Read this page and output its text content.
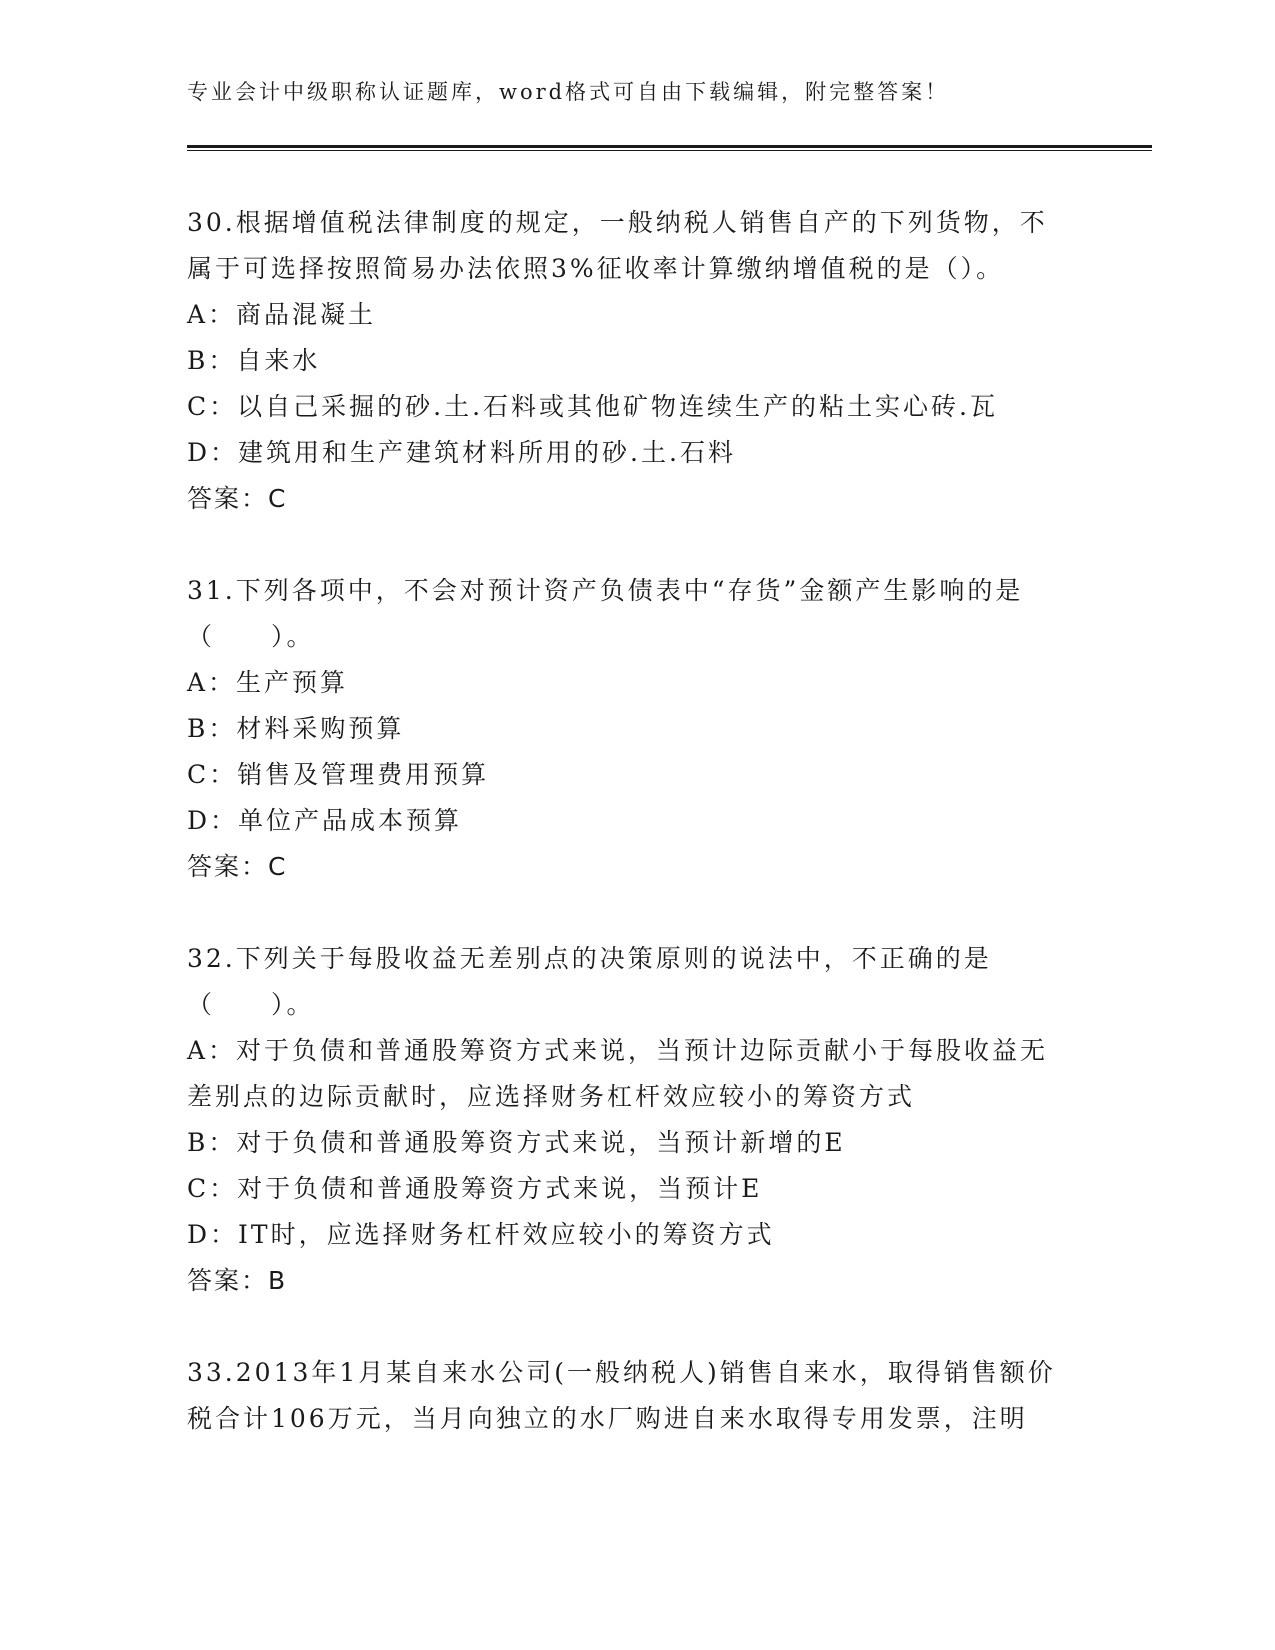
专业会计中级职称认证题库，word格式可自由下载编辑，附完整答案！
30.根据增值税法律制度的规定，一般纳税人销售自产的下列货物，不
属于可选择按照简易办法依照3%征收率计算缴纳增值税的是（）。
A：商品混凝土
B：自来水
C：以自己采掘的砂.土.石料或其他矿物连续生产的粘土实心砖.瓦
D：建筑用和生产建筑材料所用的砂.土.石料
答案：C
31.下列各项中，不会对预计资产负债表中“存货”金额产生影响的是
（　　）。
A：生产预算
B：材料采购预算
C：销售及管理费用预算
D：单位产品成本预算
答案：C
32.下列关于每股收益无差别点的决策原则的说法中，不正确的是
（　　）。
A：对于负债和普通股筹资方式来说，当预计边际贡献小于每股收益无
差别点的边际贡献时，应选择财务杠杆效应较小的筹资方式
B：对于负债和普通股筹资方式来说，当预计新增的E
C：对于负债和普通股筹资方式来说，当预计E
D：IT时，应选择财务杠杆效应较小的筹资方式
答案：B
33.2013年1月某自来水公司(一般纳税人)销售自来水，取得销售额价
税合计106万元，当月向独立的水厂购进自来水取得专用发票，注明
